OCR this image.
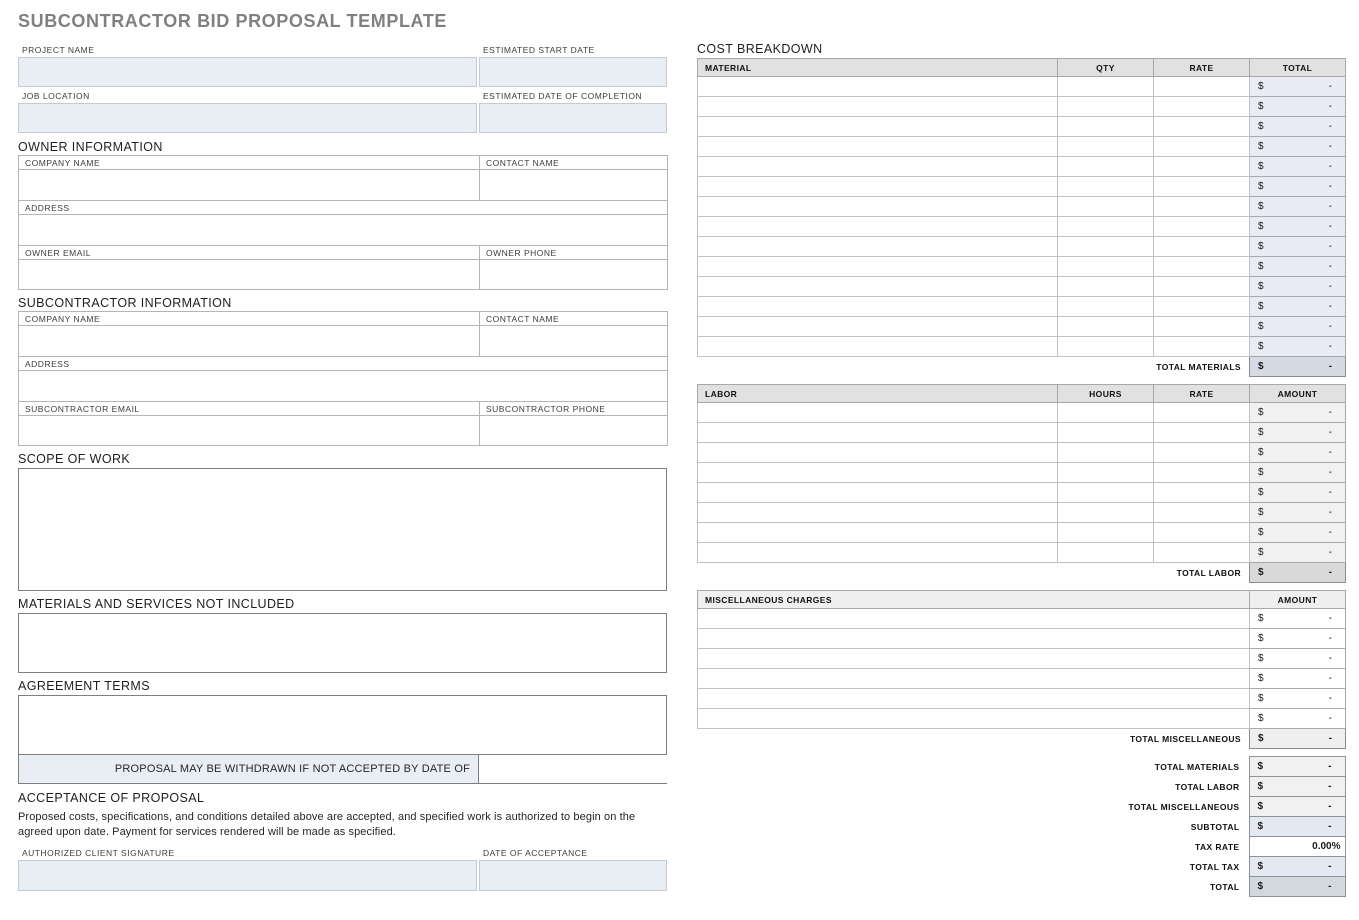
SUBCONTRACTOR BID PROPOSAL TEMPLATE
PROJECT NAME	ESTIMATED START DATE
JOB LOCATION	ESTIMATED DATE OF COMPLETION
OWNER INFORMATION
COMPANY NAME	CONTACT NAME

ADDRESS	

OWNER EMAIL	OWNER PHONE

SUBCONTRACTOR INFORMATION
COMPANY NAME	CONTACT NAME

ADDRESS	

SUBCONTRACTOR EMAIL	SUBCONTRACTOR PHONE

SCOPE OF WORK
MATERIALS AND SERVICES NOT INCLUDED
AGREEMENT TERMS
PROPOSAL MAY BE WITHDRAWN IF NOT ACCEPTED BY DATE OF
ACCEPTANCE OF PROPOSAL

Proposed costs, specifications, and conditions detailed above are accepted, and specified work is authorized to begin on the agreed upon date. Payment for services rendered will be made as specified.

AUTHORIZED CLIENT SIGNATURE	DATE OF ACCEPTANCE
COST BREAKDOWN
MATERIAL	QTY	RATE	TOTAL

			$ -

			$ -

			$ -

			$ -

			$ -

			$ -

			$ -

			$ -

			$ -

			$ -

			$ -

			$ -

			$ -

			$ -

TOTAL MATERIALS			$ -
LABOR	HOURS	RATE	AMOUNT

			$ -

			$ -

			$ -

			$ -

			$ -

			$ -

			$ -

			$ -

TOTAL LABOR			$ -
MISCELLANEOUS CHARGES	AMOUNT

	$ -

	$ -

	$ -

	$ -

	$ -

	$ -

TOTAL MISCELLANEOUS	$ -
TOTAL MATERIALS	$ -

TOTAL LABOR	$ -

TOTAL MISCELLANEOUS	$ -

SUBTOTAL	$ -

TAX RATE	0.00%

TOTAL TAX	$ -

TOTAL	$ -
